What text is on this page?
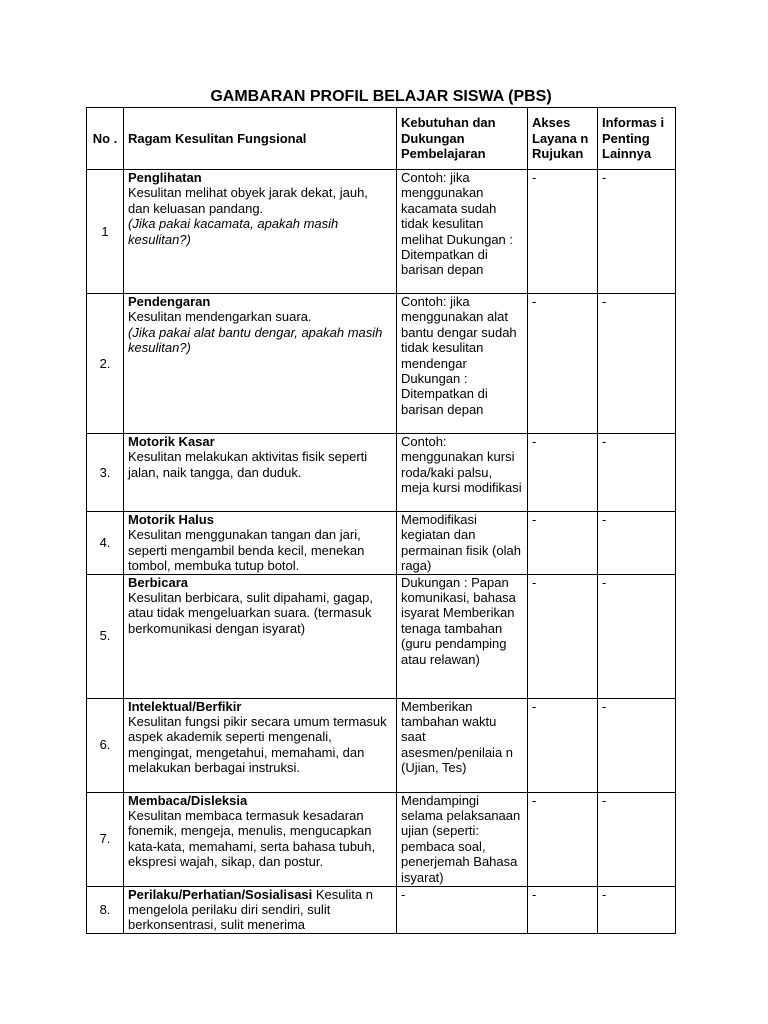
GAMBARAN PROFIL BELAJAR SISWA (PBS)
No .	Ragam Kesulitan Fungsional	Kebutuhan dan Dukungan Pembelajaran	Akses Layana n Rujukan	Informas i Penting Lainnya
1	Penglihatan
Kesulitan melihat obyek jarak dekat, jauh, dan keluasan pandang.
(Jika pakai kacamata, apakah masih kesulitan?)	Contoh: jika menggunakan kacamata sudah tidak kesulitan melihat Dukungan : Ditempatkan di barisan depan	-	-
2.	Pendengaran
Kesulitan mendengarkan suara.
(Jika pakai alat bantu dengar, apakah masih kesulitan?)	Contoh: jika menggunakan alat bantu dengar sudah tidak kesulitan mendengar Dukungan : Ditempatkan di barisan depan	-	-
3.	Motorik Kasar
Kesulitan melakukan aktivitas fisik seperti jalan, naik tangga, dan duduk.	Contoh: menggunakan kursi roda/kaki palsu, meja kursi modifikasi	-	-
4.	Motorik Halus
Kesulitan menggunakan tangan dan jari, seperti mengambil benda kecil, menekan tombol, membuka tutup botol.	Memodifikasi kegiatan dan permainan fisik (olah raga)	-	-
5.	Berbicara
Kesulitan berbicara, sulit dipahami, gagap, atau tidak mengeluarkan suara. (termasuk berkomunikasi dengan isyarat)	Dukungan : Papan komunikasi, bahasa isyarat Memberikan tenaga tambahan (guru pendamping atau relawan)	-	-
6.	Intelektual/Berfikir
Kesulitan fungsi pikir secara umum termasuk aspek akademik seperti mengenali, mengingat, mengetahui, memahami, dan melakukan berbagai instruksi.	Memberikan tambahan waktu saat asesmen/penilaia n (Ujian, Tes)	-	-
7.	Membaca/Disleksia
Kesulitan membaca termasuk kesadaran fonemik, mengeja, menulis, mengucapkan kata-kata, memahami, serta bahasa tubuh, ekspresi wajah, sikap, dan postur.	Mendampingi selama pelaksanaan ujian (seperti: pembaca soal, penerjemah Bahasa isyarat)	-	-
8.	Perilaku/Perhatian/Sosialisasi Kesulita n mengelola perilaku diri sendiri, sulit berkonsentrasi, sulit menerima	-	-	-
